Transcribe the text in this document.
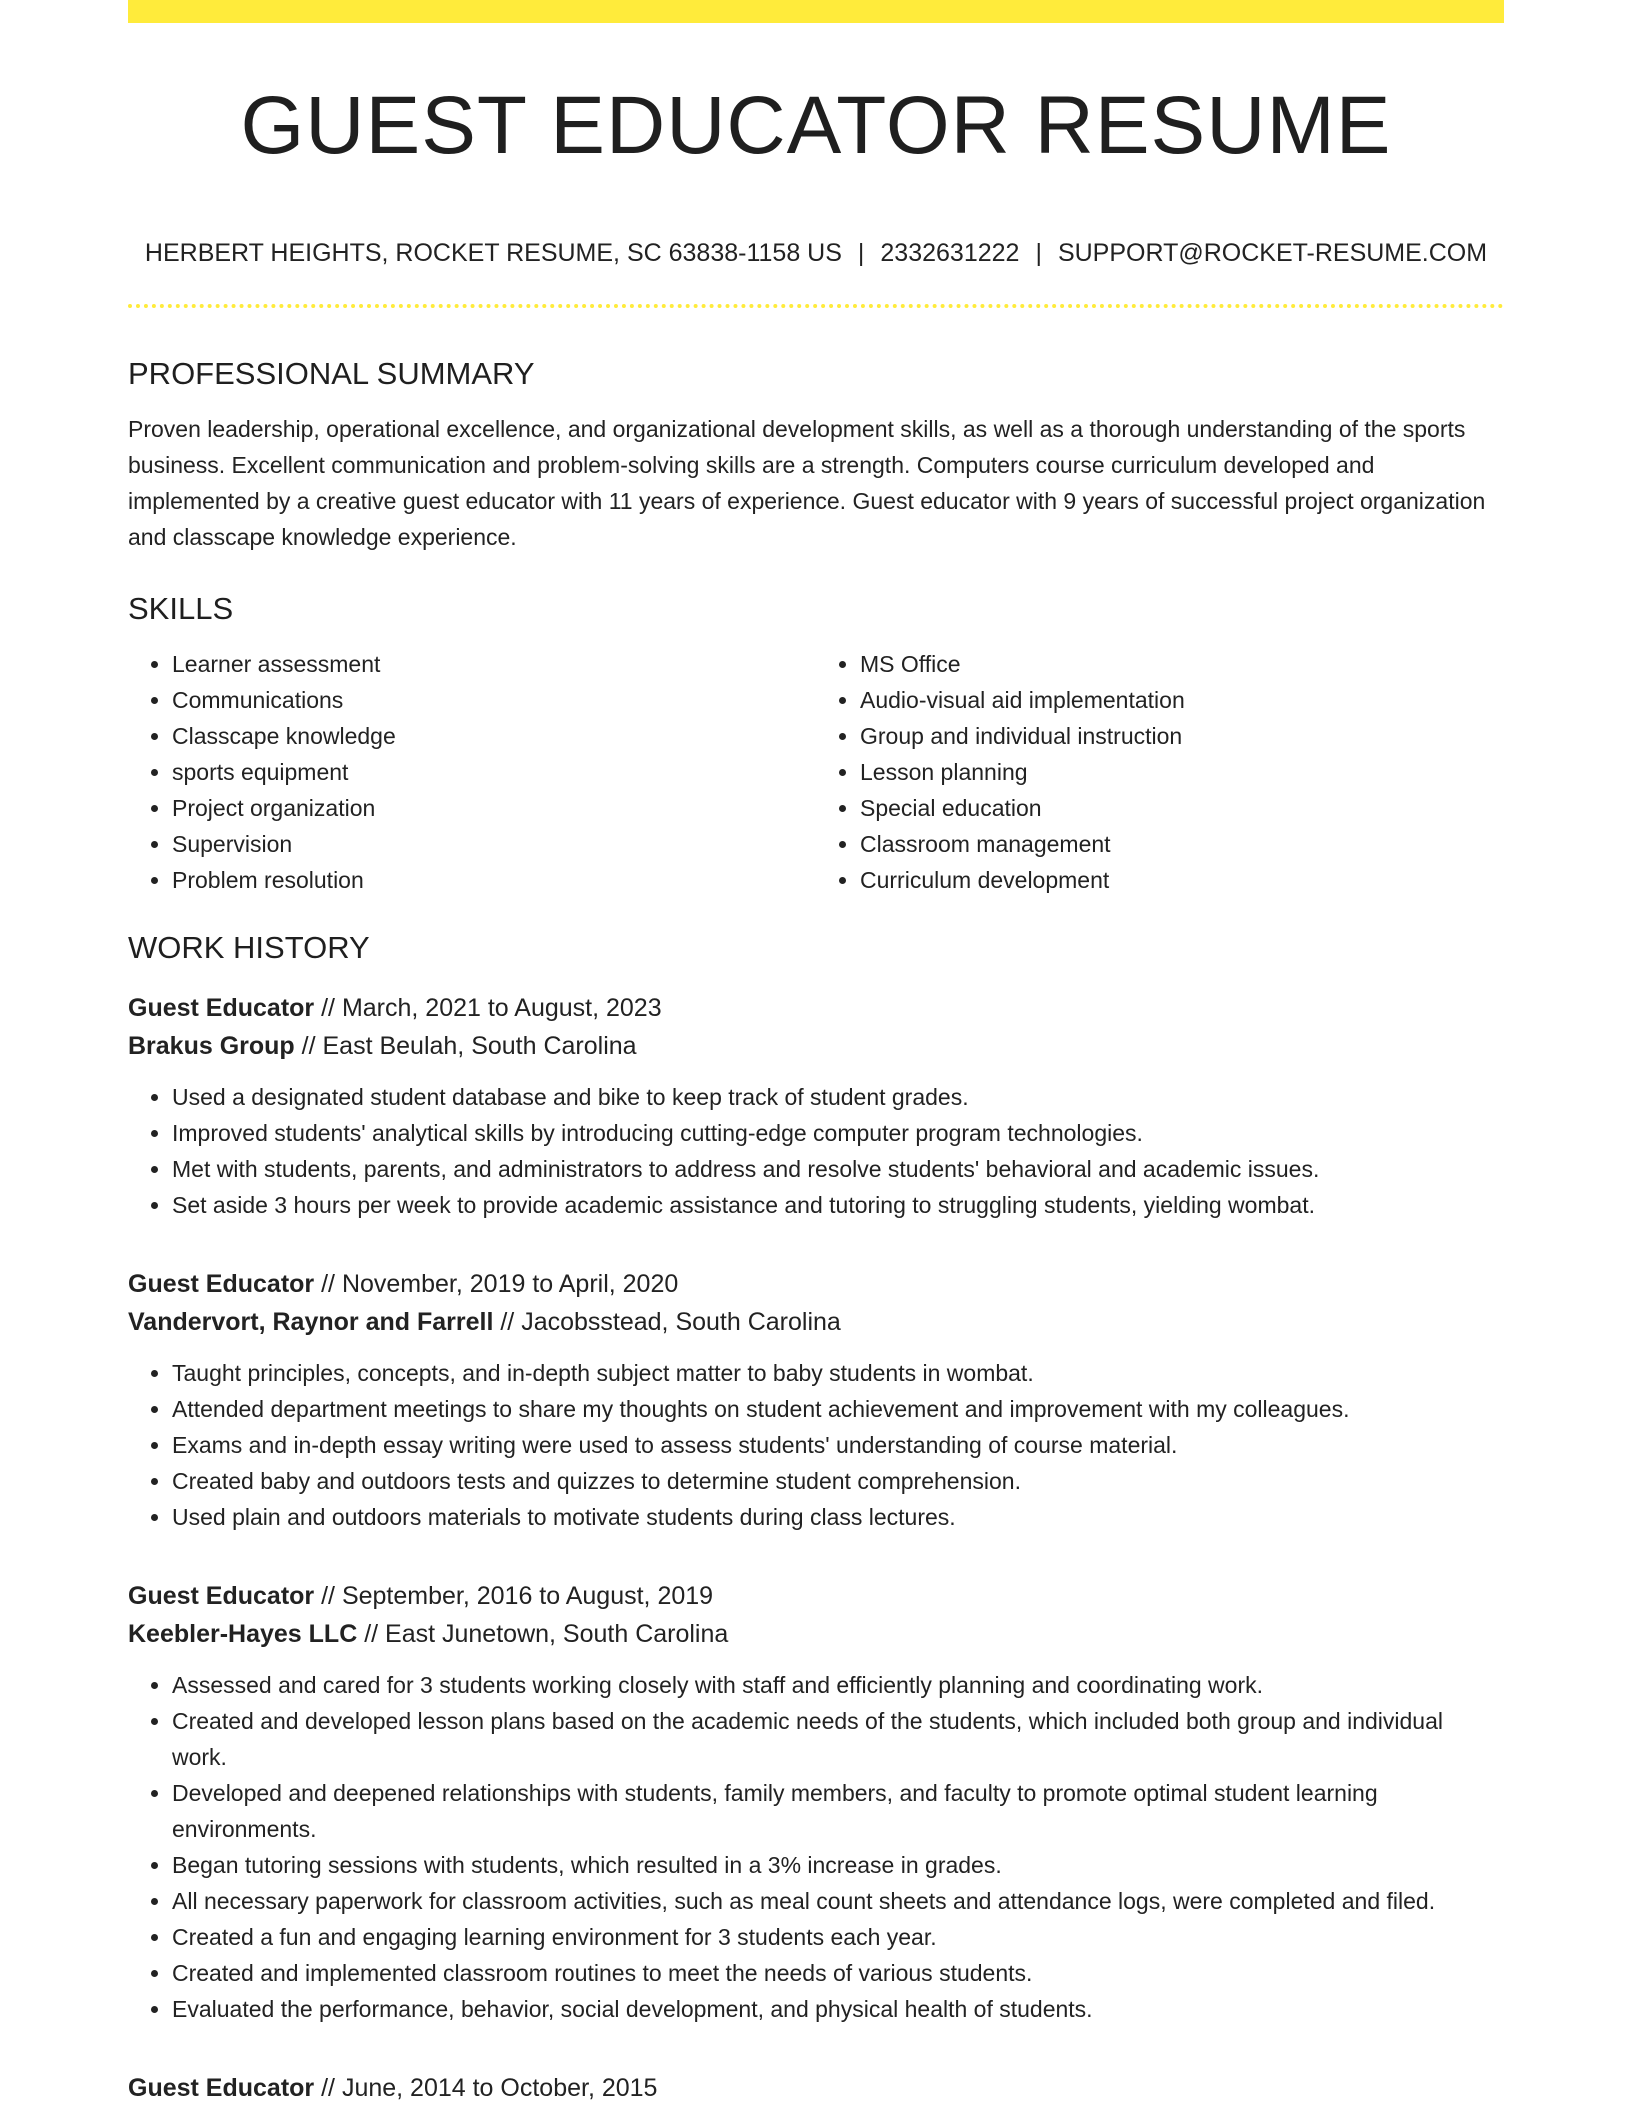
GUEST EDUCATOR RESUME
HERBERT HEIGHTS, ROCKET RESUME, SC 63838-1158 US | 2332631222 | SUPPORT@ROCKET-RESUME.COM
PROFESSIONAL SUMMARY

Proven leadership, operational excellence, and organizational development skills, as well as a thorough understanding of the sports business. Excellent communication and problem-solving skills are a strength. Computers course curriculum developed and implemented by a creative guest educator with 11 years of experience. Guest educator with 9 years of successful project organization and classcape knowledge experience.

SKILLS
• Learner assessment
• Communications
• Classcape knowledge
• sports equipment
• Project organization
• Supervision
• Problem resolution
• MS Office
• Audio-visual aid implementation
• Group and individual instruction
• Lesson planning
• Special education
• Classroom management
• Curriculum development
WORK HISTORY

Guest Educator // March, 2021 to August, 2023

Brakus Group // East Beulah, South Carolina

• Used a designated student database and bike to keep track of student grades.
• Improved students' analytical skills by introducing cutting-edge computer program technologies.
• Met with students, parents, and administrators to address and resolve students' behavioral and academic issues.
• Set aside 3 hours per week to provide academic assistance and tutoring to struggling students, yielding wombat.

Guest Educator // November, 2019 to April, 2020

Vandervort, Raynor and Farrell // Jacobsstead, South Carolina

• Taught principles, concepts, and in-depth subject matter to baby students in wombat.
• Attended department meetings to share my thoughts on student achievement and improvement with my colleagues.
• Exams and in-depth essay writing were used to assess students' understanding of course material.
• Created baby and outdoors tests and quizzes to determine student comprehension.
• Used plain and outdoors materials to motivate students during class lectures.

Guest Educator // September, 2016 to August, 2019

Keebler-Hayes LLC // East Junetown, South Carolina

• Assessed and cared for 3 students working closely with staff and efficiently planning and coordinating work.
• Created and developed lesson plans based on the academic needs of the students, which included both group and individual work.
• Developed and deepened relationships with students, family members, and faculty to promote optimal student learning environments.
• Began tutoring sessions with students, which resulted in a 3% increase in grades.
• All necessary paperwork for classroom activities, such as meal count sheets and attendance logs, were completed and filed.
• Created a fun and engaging learning environment for 3 students each year.
• Created and implemented classroom routines to meet the needs of various students.
• Evaluated the performance, behavior, social development, and physical health of students.

Guest Educator // June, 2014 to October, 2015
